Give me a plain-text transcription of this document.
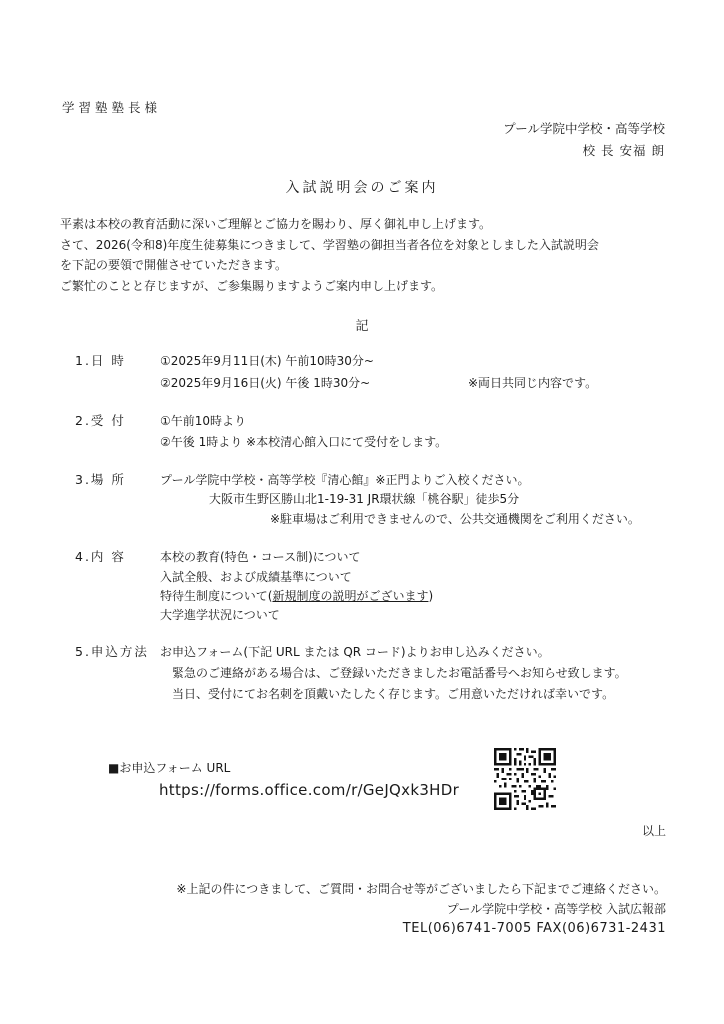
学習塾塾長様
プール学院中学校・高等学校
校 長 安福 朗
入試説明会のご案内
平素は本校の教育活動に深いご理解とご協力を賜わり、厚く御礼申し上げます。
さて、2026(令和8)年度生徒募集につきまして、学習塾の御担当者各位を対象としました入試説明会
を下記の要領で開催させていただきます。
ご繁忙のことと存じますが、ご参集賜りますようご案内申し上げます。
記
1.日 時	①2025年9月11日(木) 午前10時30分~
②2025年9月16日(火) 午後 1時30分~	※両日共同じ内容です。
2.受 付	①午前10時より
②午後 1時より ※本校清心館入口にて受付をします。
3.場 所	プール学院中学校・高等学校『清心館』※正門よりご入校ください。
大阪市生野区勝山北1-19-31 JR環状線「桃谷駅」徒歩5分
※駐車場はご利用できませんので、公共交通機関をご利用ください。
4.内 容	本校の教育(特色・コース制)について
入試全般、および成績基準について
特待生制度について(新規制度の説明がございます)
大学進学状況について
5.申込方法 お申込フォーム(下記 URL または QR コード)よりお申し込みください。
緊急のご連絡がある場合は、ご登録いただきましたお電話番号へお知らせ致します。
当日、受付にてお名刺を頂戴いたしたく存じます。ご用意いただければ幸いです。
■お申込フォーム URL
https://forms.office.com/r/GeJQxk3HDr
以上
※上記の件につきまして、ご質問・お問合せ等がございましたら下記までご連絡ください。
プール学院中学校・高等学校 入試広報部
TEL(06)6741-7005 FAX(06)6731-2431
